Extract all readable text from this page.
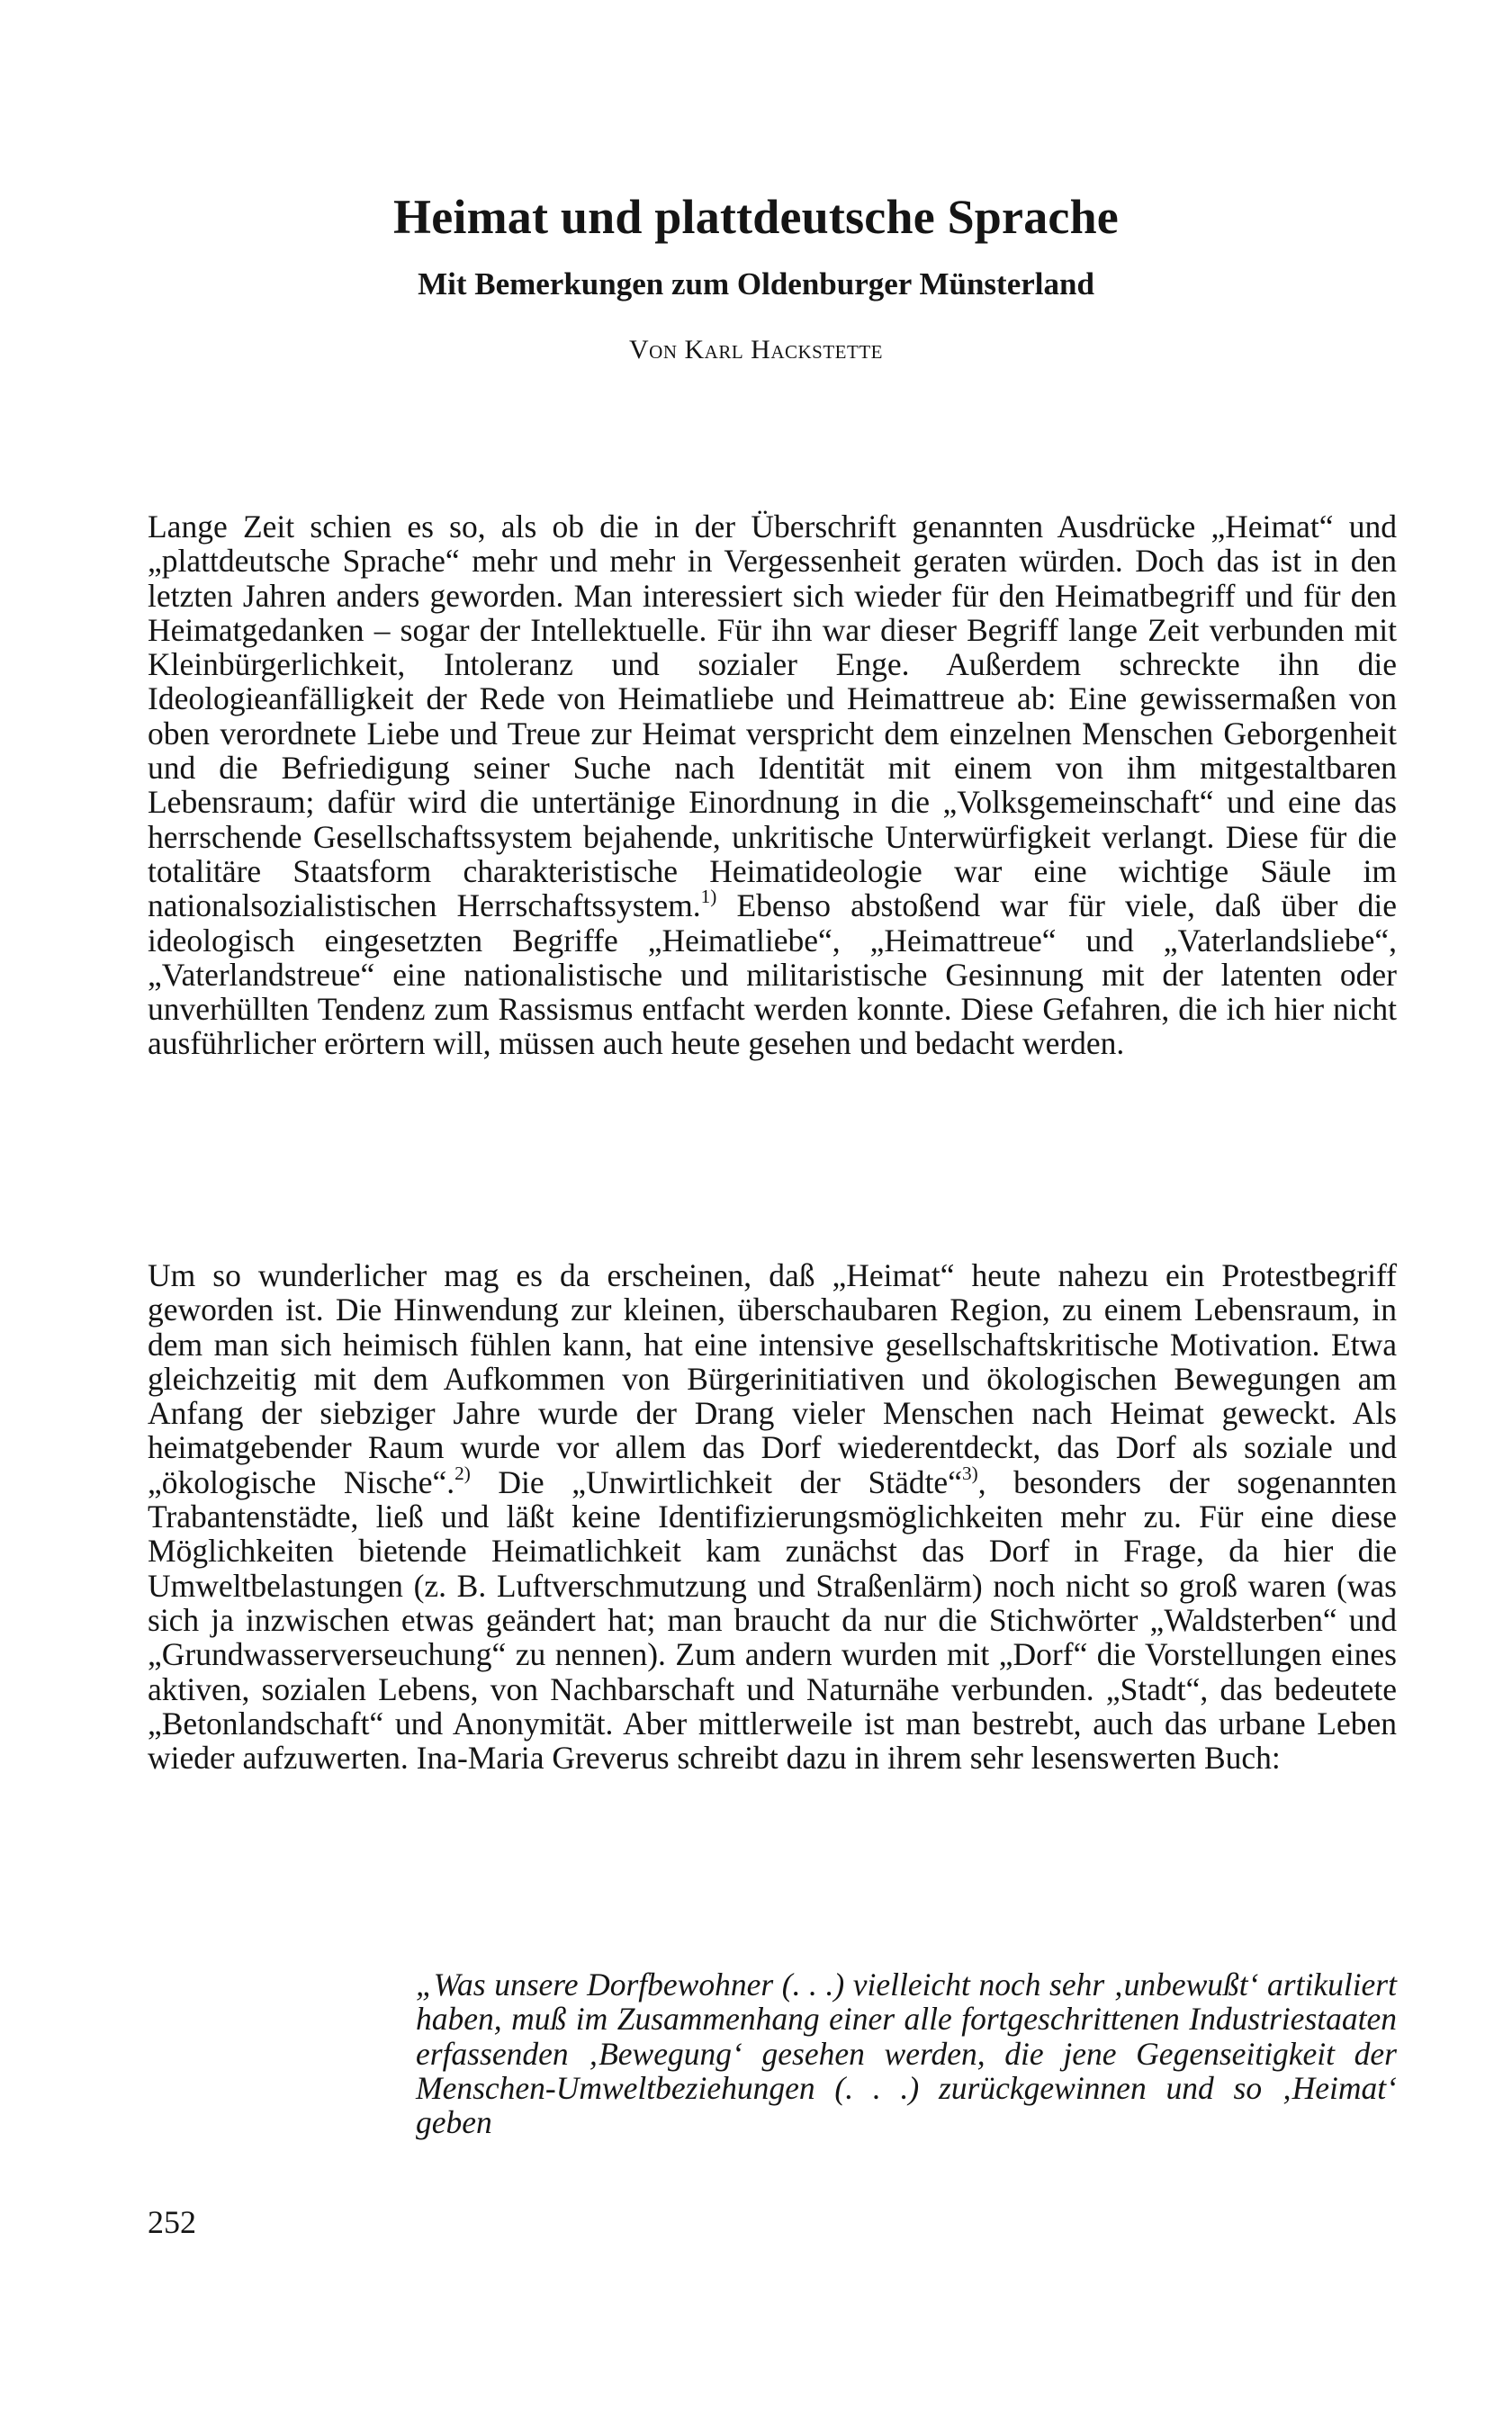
Heimat und plattdeutsche Sprache
Mit Bemerkungen zum Oldenburger Münsterland
Von Karl Hackstette

Lange Zeit schien es so, als ob die in der Überschrift genannten Ausdrücke „Heimat“ und „plattdeutsche Sprache“ mehr und mehr in Vergessenheit geraten würden. Doch das ist in den letzten Jahren anders geworden. Man interessiert sich wieder für den Heimatbegriff und für den Heimatgedanken – sogar der Intellektuelle. Für ihn war dieser Begriff lange Zeit verbunden mit Kleinbürgerlichkeit, Intoleranz und sozialer Enge. Außerdem schreckte ihn die Ideologieanfälligkeit der Rede von Heimatliebe und Heimattreue ab: Eine gewissermaßen von oben verordnete Liebe und Treue zur Heimat verspricht dem einzelnen Menschen Geborgenheit und die Befriedigung seiner Suche nach Identität mit einem von ihm mitgestaltbaren Lebensraum; dafür wird die untertänige Einordnung in die „Volksgemeinschaft“ und eine das herrschende Gesellschaftssystem bejahende, unkritische Unterwürfigkeit verlangt. Diese für die totalitäre Staatsform charakteristische Heimatideologie war eine wichtige Säule im nationalsozialistischen Herrschaftssystem.$^{1)}$ Ebenso abstoßend war für viele, daß über die ideologisch eingesetzten Begriffe „Heimatliebe“, „Heimattreue“ und „Vaterlandsliebe“, „Vaterlandstreue“ eine nationalistische und militaristische Gesinnung mit der latenten oder unverhüllten Tendenz zum Rassismus entfacht werden konnte. Diese Gefahren, die ich hier nicht ausführlicher erörtern will, müssen auch heute gesehen und bedacht werden.

Um so wunderlicher mag es da erscheinen, daß „Heimat“ heute nahezu ein Protestbegriff geworden ist. Die Hinwendung zur kleinen, überschaubaren Region, zu einem Lebensraum, in dem man sich heimisch fühlen kann, hat eine intensive gesellschaftskritische Motivation. Etwa gleichzeitig mit dem Aufkommen von Bürgerinitiativen und ökologischen Bewegungen am Anfang der siebziger Jahre wurde der Drang vieler Menschen nach Heimat geweckt. Als heimatgebender Raum wurde vor allem das Dorf wiederentdeckt, das Dorf als soziale und „ökologische Nische“.$^{2)}$ Die „Unwirtlichkeit der Städte“$^{3)}$, besonders der sogenannten Trabantenstädte, ließ und läßt keine Identifizierungsmöglichkeiten mehr zu. Für eine diese Möglichkeiten bietende Heimatlichkeit kam zunächst das Dorf in Frage, da hier die Umweltbelastungen (z. B. Luftverschmutzung und Straßenlärm) noch nicht so groß waren (was sich ja inzwischen etwas geändert hat; man braucht da nur die Stichwörter „Waldsterben“ und „Grundwasserverseuchung“ zu nennen). Zum andern wurden mit „Dorf“ die Vorstellungen eines aktiven, sozialen Lebens, von Nachbarschaft und Naturnähe verbunden. „Stadt“, das bedeutete „Betonlandschaft“ und Anonymität. Aber mittlerweile ist man bestrebt, auch das urbane Leben wieder aufzuwerten. Ina-Maria Greverus schreibt dazu in ihrem sehr lesenswerten Buch:

„Was unsere Dorfbewohner (. . .) vielleicht noch sehr ‚unbewußt‘ artikuliert haben, muß im Zusammenhang einer alle fortgeschrittenen Industriestaaten erfassenden ‚Bewegung‘ gesehen werden, die jene Gegenseitigkeit der Menschen-Umweltbeziehungen (. . .) zurückgewinnen und so ‚Heimat‘ geben

252
